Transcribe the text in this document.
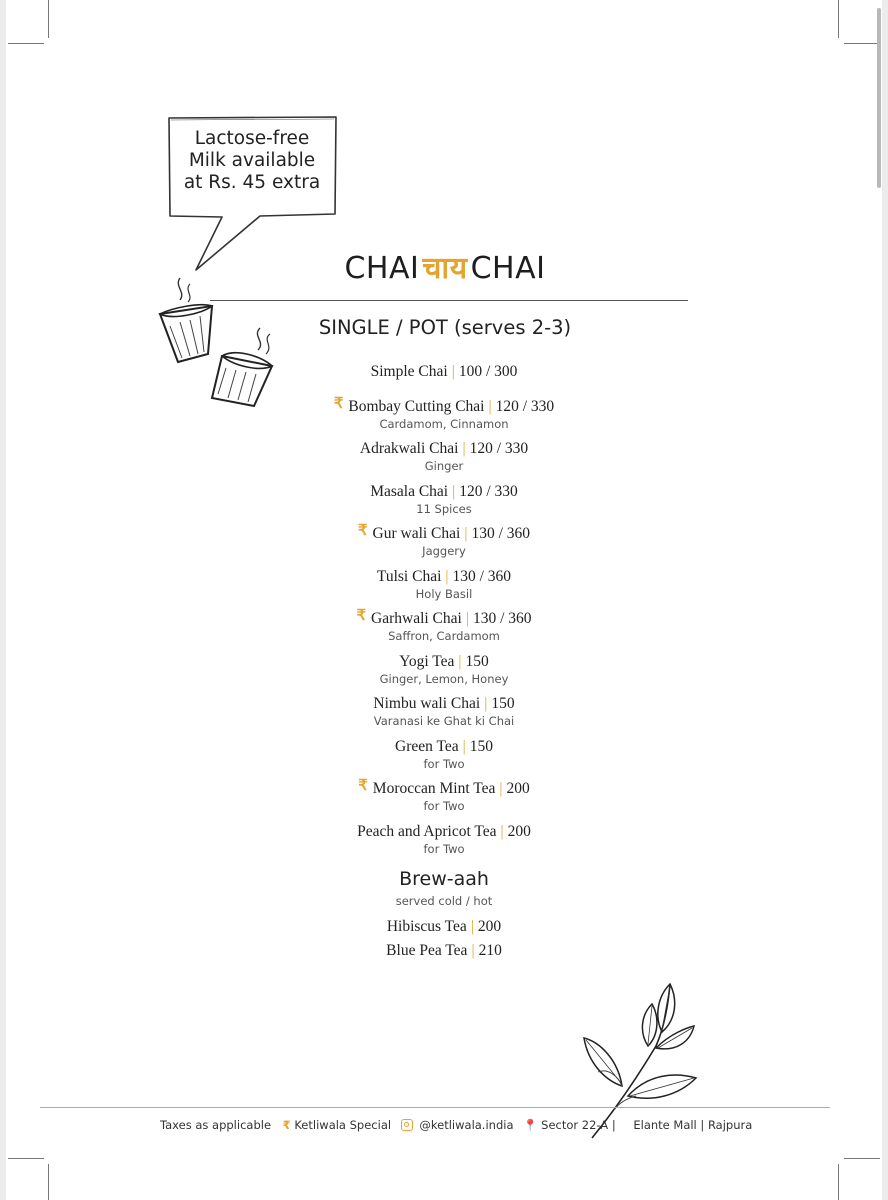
Lactose-free
Milk available
at Rs. 45 extra
CHAI चाय CHAI
SINGLE / POT (serves 2-3)
Simple Chai | 100 / 300
₹ Bombay Cutting Chai | 120 / 330
Cardamom, Cinnamon
Adrakwali Chai | 120 / 330
Ginger
Masala Chai | 120 / 330
11 Spices
₹ Gur wali Chai | 130 / 360
Jaggery
Tulsi Chai | 130 / 360
Holy Basil
₹ Garhwali Chai | 130 / 360
Saffron, Cardamom
Yogi Tea | 150
Ginger, Lemon, Honey
Nimbu wali Chai | 150
Varanasi ke Ghat ki Chai
Green Tea | 150
for Two
₹ Moroccan Mint Tea | 200
for Two
Peach and Apricot Tea | 200
for Two
Brew-aah
served cold / hot
Hibiscus Tea | 200
Blue Pea Tea | 210
Taxes as applicable ₹ Ketliwala Special @ketliwala.india 📍 Sector 22-A | Elante Mall | Rajpura
